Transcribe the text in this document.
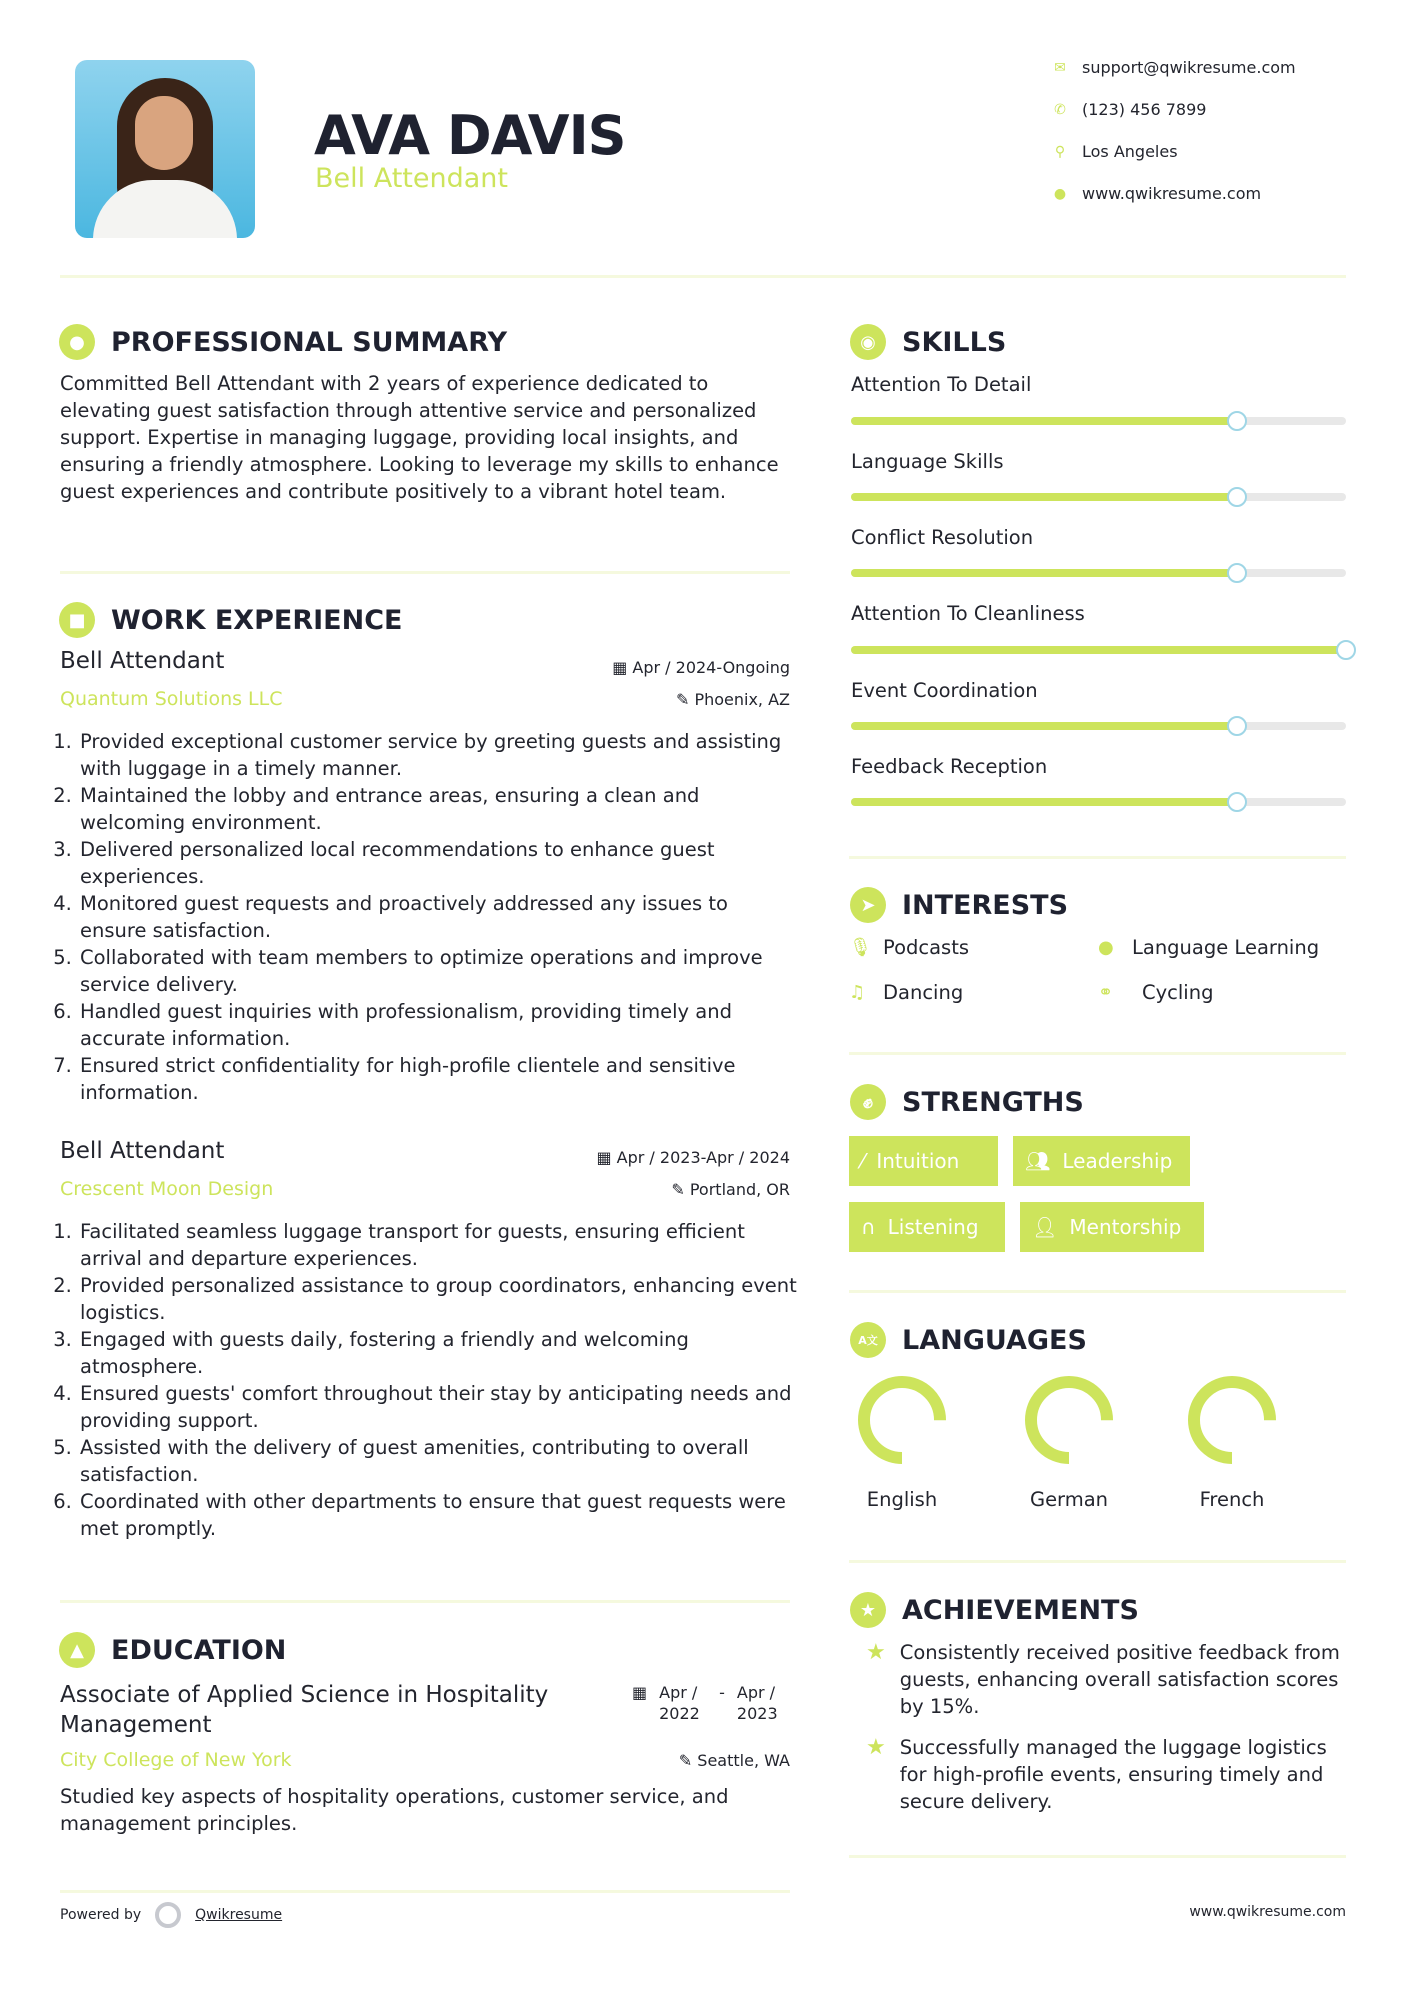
AVA DAVIS
Bell Attendant
✉ support@qwikresume.com
✆ (123) 456 7899
⚲ Los Angeles
● www.qwikresume.com
● PROFESSIONAL SUMMARY
Committed Bell Attendant with 2 years of experience dedicated to elevating guest satisfaction through attentive service and personalized support. Expertise in managing luggage, providing local insights, and ensuring a friendly atmosphere. Looking to leverage my skills to enhance guest experiences and contribute positively to a vibrant hotel team.
■ WORK EXPERIENCE
Bell Attendant	▦ Apr / 2024-Ongoing
Quantum Solutions LLC	✎ Phoenix, AZ
1. Provided exceptional customer service by greeting guests and assisting with luggage in a timely manner.
2. Maintained the lobby and entrance areas, ensuring a clean and welcoming environment.
3. Delivered personalized local recommendations to enhance guest experiences.
4. Monitored guest requests and proactively addressed any issues to ensure satisfaction.
5. Collaborated with team members to optimize operations and improve service delivery.
6. Handled guest inquiries with professionalism, providing timely and accurate information.
7. Ensured strict confidentiality for high-profile clientele and sensitive information.
Bell Attendant	▦ Apr / 2023-Apr / 2024
Crescent Moon Design	✎ Portland, OR
1. Facilitated seamless luggage transport for guests, ensuring efficient arrival and departure experiences.
2. Provided personalized assistance to group coordinators, enhancing event logistics.
3. Engaged with guests daily, fostering a friendly and welcoming atmosphere.
4. Ensured guests' comfort throughout their stay by anticipating needs and providing support.
5. Assisted with the delivery of guest amenities, contributing to overall satisfaction.
6. Coordinated with other departments to ensure that guest requests were met promptly.
▲	EDUCATION
Associate of Applied Science in Hospitality Management
▦ Apr / 2022
- Apr / 2023
City College of New York	✎ Seattle, WA
Studied key aspects of hospitality operations, customer service, and management principles.
◉ SKILLS
Attention To Detail
Language Skills
Conflict Resolution
Attention To Cleanliness
Event Coordination
Feedback Reception
➤ INTERESTS
🎙︎ Podcasts	● Language Learning
♫ Dancing	⚭	Cycling
✊︎	STRENGTHS
⁄ Intuition	👥︎ Leadership
∩ Listening	👤︎ Mentorship
A文 LANGUAGES
English	German	French
★ ACHIEVEMENTS
★ Consistently received positive feedback from guests, enhancing overall satisfaction scores by 15%.
★ Successfully managed the luggage logistics for high-profile events, ensuring timely and secure delivery.
Powered by	Qwikresume	www.qwikresume.com
